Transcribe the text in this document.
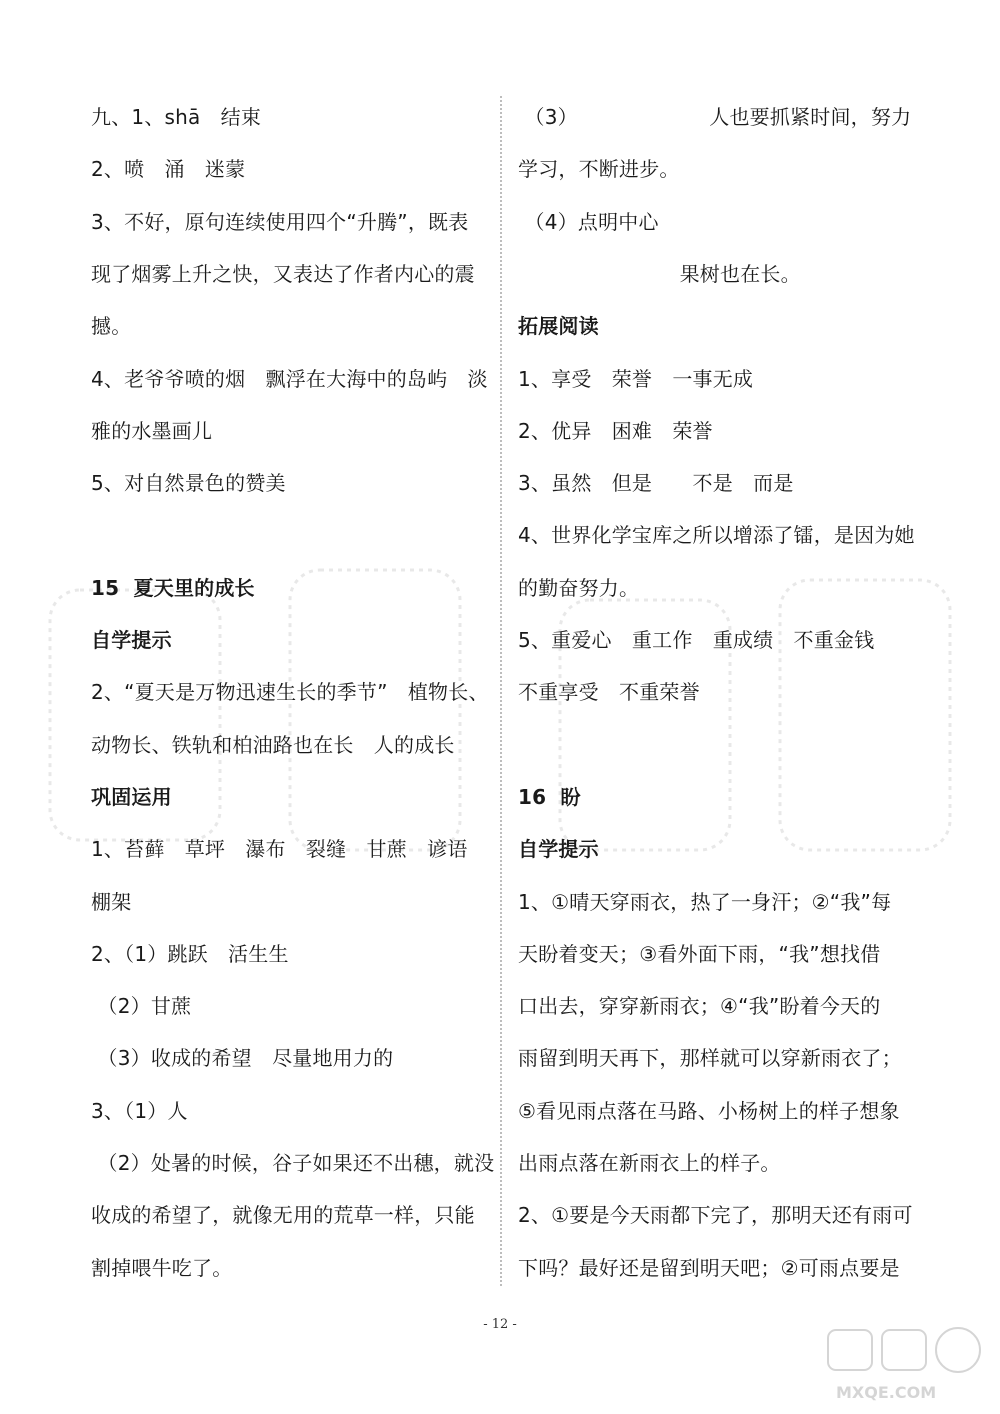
九、1、shā　结束
2、喷　涌　迷蒙
3、不好，原句连续使用四个“升腾”，既表
现了烟雾上升之快，又表达了作者内心的震
撼。
4、老爷爷喷的烟　飘浮在大海中的岛屿　淡
雅的水墨画儿
5、对自然景色的赞美
15  夏天里的成长
自学提示
2、“夏天是万物迅速生长的季节”　植物长、
动物长、铁轨和柏油路也在长　人的成长
巩固运用
1、苔藓　草坪　瀑布　裂缝　甘蔗　谚语
棚架
2、（1）跳跃　活生生
（2）甘蔗
（3）收成的希望　尽量地用力的
3、（1）人
（2）处暑的时候，谷子如果还不出穗，就没
收成的希望了，就像无用的荒草一样，只能
割掉喂牛吃了。
（3）　　　　　　　人也要抓紧时间，努力
学习，不断进步。
（4）点明中心
　　　　　　　　果树也在长。
拓展阅读
1、享受　荣誉　一事无成
2、优异　困难　荣誉
3、虽然　但是　　不是　而是
4、世界化学宝库之所以增添了镭，是因为她
的勤奋努力。
5、重爱心　重工作　重成绩　不重金钱
不重享受　不重荣誉
16  盼
自学提示
1、①晴天穿雨衣，热了一身汗；②“我”每
天盼着变天；③看外面下雨，“我”想找借
口出去，穿穿新雨衣；④“我”盼着今天的
雨留到明天再下，那样就可以穿新雨衣了；
⑤看见雨点落在马路、小杨树上的样子想象
出雨点落在新雨衣上的样子。
2、①要是今天雨都下完了，那明天还有雨可
下吗？最好还是留到明天吧；②可雨点要是
- 12 -
MXQE.COM
